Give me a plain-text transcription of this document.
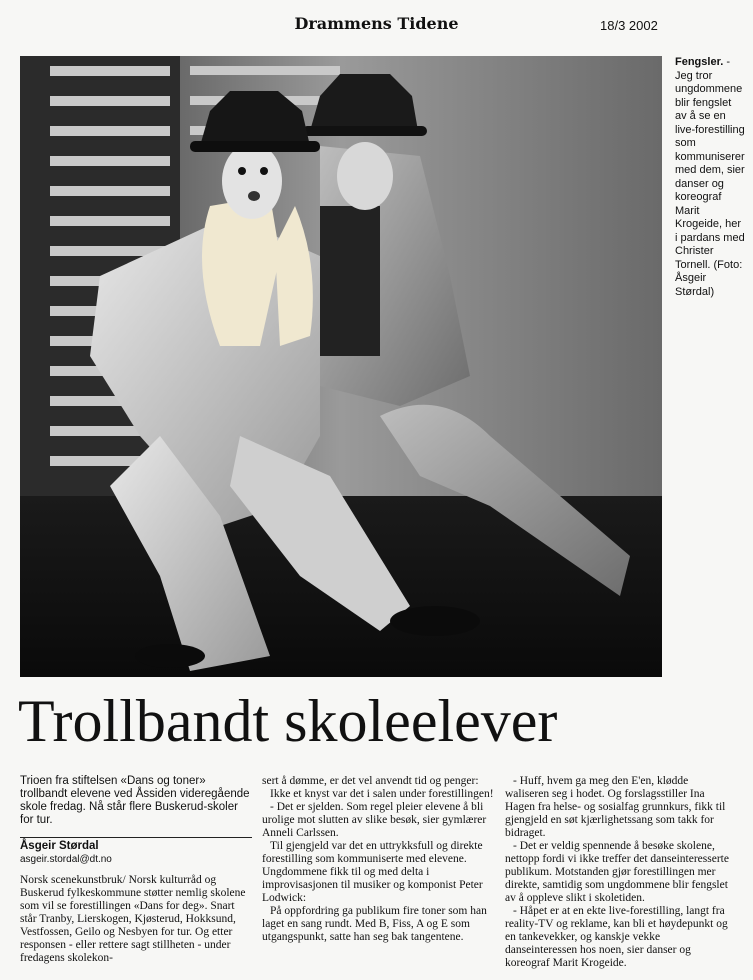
Drammens Tidene	18/3 2002
Fengsler. - Jeg tror ungdommene blir fengslet av å se en live-forestilling som kommuniserer med dem, sier danser og koreograf Marit Krogeide, her i pardans med Christer Tornell. (Foto: Åsgeir Størdal)
Trollbandt skoleelever
Trioen fra stiftelsen «Dans og toner» trollbandt elevene ved Åssiden videregående skole fredag. Nå står flere Buskerud-skoler for tur.
Åsgeir Størdal
asgeir.stordal@dt.no

Norsk scenekunstbruk/ Norsk kulturråd og Buskerud fylkeskommune støtter nemlig skolene som vil se forestillingen «Dans for deg». Snart står Tranby, Lierskogen, Kjøsterud, Hokksund, Vestfossen, Geilo og Nesbyen for tur. Og etter responsen - eller rettere sagt stillheten - under fredagens skolekon-

sert å dømme, er det vel anvendt tid og penger:

Ikke et knyst var det i salen under forestillingen!

- Det er sjelden. Som regel pleier elevene å bli urolige mot slutten av slike besøk, sier gymlærer Anneli Carlssen.

Til gjengjeld var det en uttrykksfull og direkte forestilling som kommuniserte med elevene. Ungdommene fikk til og med delta i improvisasjonen til musiker og komponist Peter Lodwick:

På oppfordring ga publikum fire toner som han laget en sang rundt. Med B, Fiss, A og E som utgangspunkt, satte han seg bak tangentene.

- Huff, hvem ga meg den E'en, klødde waliseren seg i hodet. Og forslagsstiller Ina Hagen fra helse- og sosialfag grunnkurs, fikk til gjengjeld en søt kjærlighetssang som takk for bidraget.

- Det er veldig spennende å besøke skolene, nettopp fordi vi ikke treffer det danseinteresserte publikum. Motstanden gjør forestillingen mer direkte, samtidig som ungdommene blir fengslet av å oppleve slikt i skoletiden.

- Håpet er at en ekte live-forestilling, langt fra reality-TV og reklame, kan bli et høydepunkt og en tankevekker, og kanskje vekke danseinteressen hos noen, sier danser og koreograf Marit Krogeide.
